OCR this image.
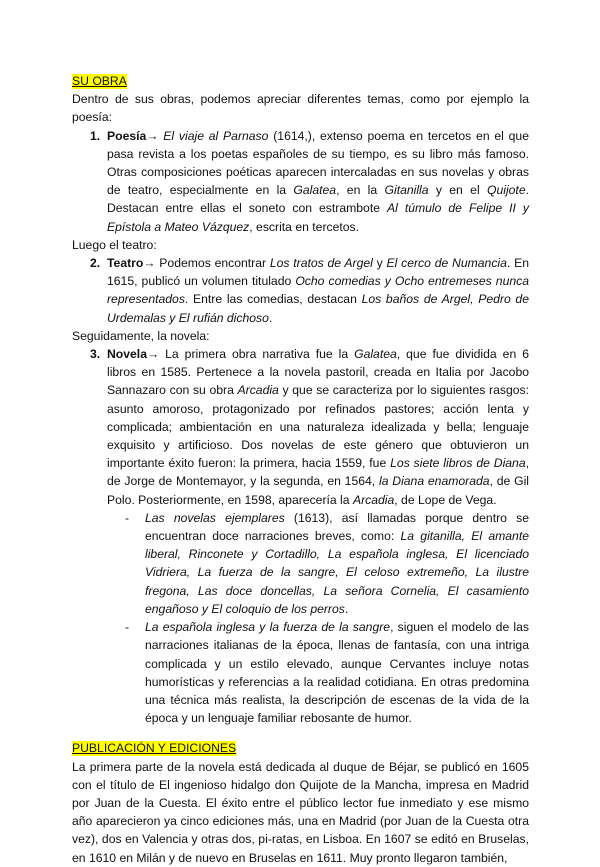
SU OBRA

Dentro de sus obras, podemos apreciar diferentes temas, como por ejemplo la poesía:

1. Poesía→ El viaje al Parnaso (1614,), extenso poema en tercetos en el que pasa revista a los poetas españoles de su tiempo, es su libro más famoso. Otras composiciones poéticas aparecen intercaladas en sus novelas y obras de teatro, especialmente en la Galatea, en la Gitanilla y en el Quijote. Destacan entre ellas el soneto con estrambote Al túmulo de Felipe II y Epístola a Mateo Vázquez, escrita en tercetos.

Luego el teatro:

2. Teatro→ Podemos encontrar Los tratos de Argel y El cerco de Numancia. En 1615, publicó un volumen titulado Ocho comedias y Ocho entremeses nunca representados. Entre las comedias, destacan Los baños de Argel, Pedro de Urdemalas y El rufián dichoso.

Seguidamente, la novela:

3. Novela→ La primera obra narrativa fue la Galatea, que fue dividida en 6 libros en 1585. Pertenece a la novela pastoril, creada en Italia por Jacobo Sannazaro con su obra Arcadia y que se caracteriza por lo siguientes rasgos: asunto amoroso, protagonizado por refinados pastores; acción lenta y complicada; ambientación en una naturaleza idealizada y bella; lenguaje exquisito y artificioso. Dos novelas de este género que obtuvieron un importante éxito fueron: la primera, hacia 1559, fue Los siete libros de Diana, de Jorge de Montemayor, y la segunda, en 1564, la Diana enamorada, de Gil Polo. Posteriormente, en 1598, aparecería la Arcadia, de Lope de Vega.
- Las novelas ejemplares (1613), así llamadas porque dentro se encuentran doce narraciones breves, como: La gitanilla, El amante liberal, Rinconete y Cortadillo, La española inglesa, El licenciado Vidriera, La fuerza de la sangre, El celoso extremeño, La ilustre fregona, Las doce doncellas, La señora Cornelia, El casamiento engañoso y El coloquio de los perros.
- La española inglesa y la fuerza de la sangre, siguen el modelo de las narraciones italianas de la época, llenas de fantasía, con una intriga complicada y un estilo elevado, aunque Cervantes incluye notas humorísticas y referencias a la realidad cotidiana. En otras predomina una técnica más realista, la descripción de escenas de la vida de la época y un lenguaje familiar rebosante de humor.
PUBLICACIÓN Y EDICIONES

La primera parte de la novela está dedicada al duque de Béjar, se publicó en 1605 con el título de El ingenioso hidalgo don Quijote de la Mancha, impresa en Madrid por Juan de la Cuesta. El éxito entre el público lector fue inmediato y ese mismo año aparecieron ya cinco ediciones más, una en Madrid (por Juan de la Cuesta otra vez), dos en Valencia y otras dos, pi-ratas, en Lisboa. En 1607 se editó en Bruselas, en 1610 en Milán y de nuevo en Bruselas en 1611. Muy pronto llegaron también,
